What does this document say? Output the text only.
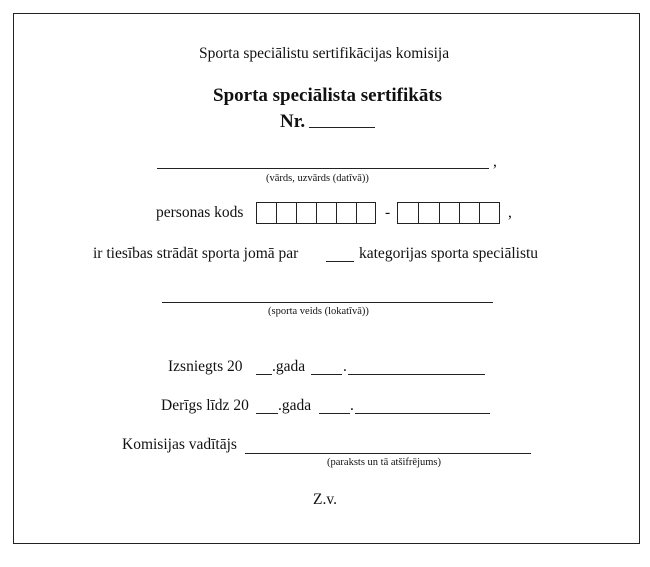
Sporta speciālistu sertifikācijas komisija
Sporta speciālista sertifikāts
Nr.
,
(vārds, uzvārds (datīvā))
personas kods	-	,
ir tiesības strādāt sporta jomā par	kategorijas sporta speciālistu
(sporta veids (lokatīvā))
Izsniegts 20 .gada .
Derīgs līdz 20 .gada	.
Komisijas vadītājs
(paraksts un tā atšifrējums)
Z.v.
